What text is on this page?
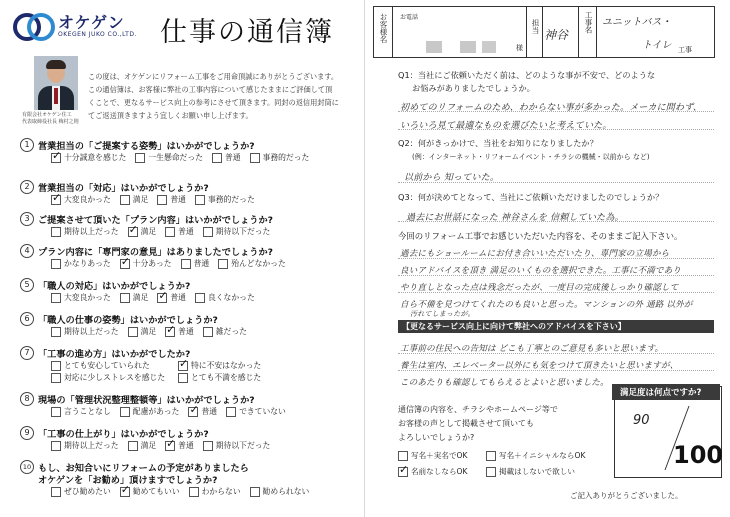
オケゲン
OKEGEN JUKO CO.,LTD. 仕事の通信簿
有限会社オケゲン住工
代表取締役社長 梅村之則
この度は、オケゲンにリフォーム工事をご用命頂誠にありがとうございます。
この通信簿は、お客様に弊社の工事内容について感じたままにご評価して頂
くことで、更なるサービス向上の参考にさせて頂きます。同封の返信用封筒に
てご返送頂きますよう宜しくお願い申し上げます。
1 営業担当の「ご提案する姿勢」はいかがでしょうか?
✓
十分誠意を感じた	一生懸命だった	普通	事務的だった
2 営業担当の「対応」はいかがでしょうか?
✓
大変良かった	満足	普通	事務的だった
3 ご提案させて頂いた「プラン内容」はいかがでしょうか?
期待以上だった ✓	満足	普通	期待以下だった
4 プラン内容に「専門家の意見」はありましたでしょうか?
かなりあった ✓	十分あった	普通	殆んどなかった
5 「職人の対応」はいかがでしょうか?
大変良かった	満足 ✓	普通	良くなかった
6 「職人の仕事の姿勢」はいかがでしょうか?
期待以上だった	満足 ✓	普通	雑だった
7 「工事の進め方」はいかがでしたか?
とても安心していられた ✓	特に不安はなかった
対応に少しストレスを感じた	とても不満を感じた
8 現場の「管理状況整理整頓等」はいかがでしょうか?
言うことなし	配慮があった ✓	普通	できていない
9 「工事の仕上がり」はいかがでしょうか?
期待以上だった	満足 ✓	普通	期待以下だった
10 もし、お知合いにリフォームの予定がありましたら
オケゲンを「お勧め」頂けますでしょうか?
ぜひ勧めたい ✓	勧めてもいい	わからない	勧められない
お客様名 お電話
様
担当
神谷
工事名 ユニットバス・
トイレ 工事
Q1：当社にご依頼いただく前は、どのような事が不安で、どのような
お悩みがありましたでしょうか。
初めてのリフォームのため、わからない事が多かった。メーカに問わず、
いろいろ見て最適なものを選びたいと考えていた。
Q2：何がきっかけで、当社をお知りになりましたか？
(例：インターネット・リフォームイベント・チラシの機械・以前から など)
以前から 知っていた。
Q3：何が決めてとなって、当社にご依頼いただけましたのでしょうか？
過去にお世話になった 神谷さんを 信頼していた為。
今回のリフォーム工事でお感じいただいた内容を、そのままご記入下さい。
過去にもショールームにお付き合いいただいたり、専門家の立場から
良いアドバイスを頂き 満足のいくものを選択できた。工事に不満であり
やり直しとなった点は残念だったが、一度目の完成後しっかり確認して
自ら不備を見つけてくれたのも良いと思った。マンションの外 通路 以外が
汚れてしまったが。
【更なるサービス向上に向けて弊社へのアドバイスを下さい】
工事前の住民への告知は どこも丁寧とのご意見も多いと思います。
養生は室内、エレベーター以外にも気をつけて頂きたいと思いますが、
このあたりも確認してもらえるとよいと思いました。
通信簿の内容を、チラシやホームページ等で
お客様の声として掲載させて頂いても
よろしいでしょうか?
写名＋実名でOK	写名＋イニシャルならOK
✓
名前なしならOK	掲載はしないで欲しい
満足度は何点ですか?
90
100
ご記入ありがとうございました。
